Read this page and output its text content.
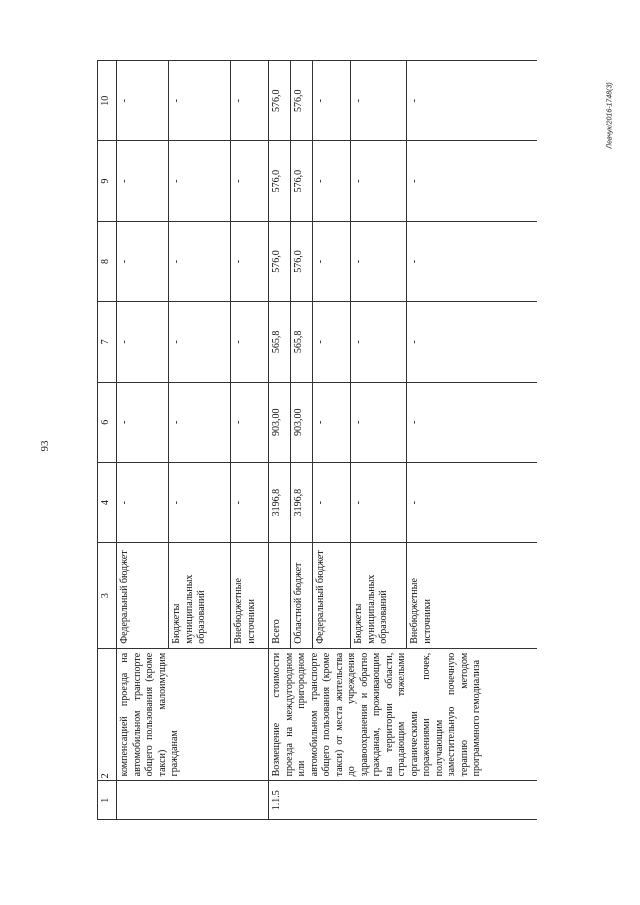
93
Левчук/2016-1748(3)
1	2	3	4	6	7	8	9	10
	компенсацией проезда на автомобильном транспорте общего пользования (кроме такси) малоимущим гражданам	Федеральный бюджет	-	-	-	-	-	-
		Бюджеты муниципальных образований	-	-	-	-	-	-
		Внебюджетные источники	-	-	-	-	-	-
1.1.5	Возмещение стоимости проезда на междугородном или пригородном автомобильном транспорте общего пользования (кроме такси) от места жительства до учреждения здравоохранения и обратно гражданам, проживающим на территории области, страдающим тяжелыми органическими поражениями почек, получающим заместительную почечную терапию методом программного гемодиализа	Всего	3196,8	903,00	565,8	576,0	576,0	576,0
		Областной бюджет	3196,8	903,00	565,8	576,0	576,0	576,0
		Федеральный бюджет	-	-	-	-	-	-
		Бюджеты муниципальных образований	-	-	-	-	-	-
		Внебюджетные источники	-	-	-	-	-	-
